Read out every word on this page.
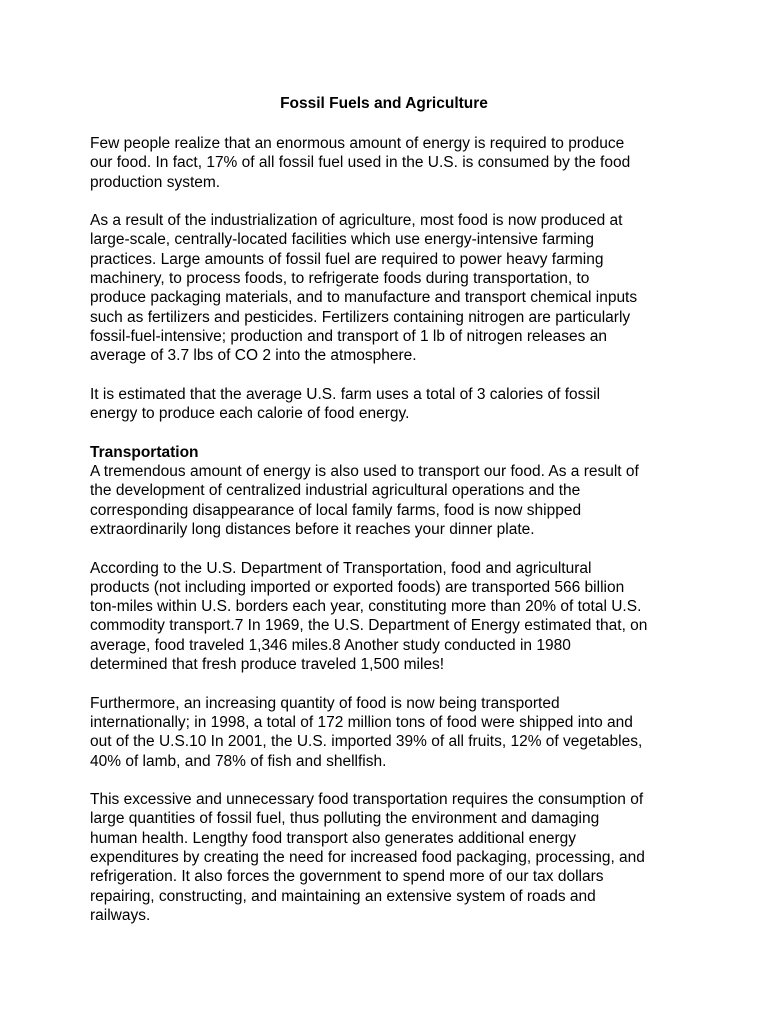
Fossil Fuels and Agriculture

Few people realize that an enormous amount of energy is required to produce
our food. In fact, 17% of all fossil fuel used in the U.S. is consumed by the food
production system.

As a result of the industrialization of agriculture, most food is now produced at
large-scale, centrally-located facilities which use energy-intensive farming
practices. Large amounts of fossil fuel are required to power heavy farming
machinery, to process foods, to refrigerate foods during transportation, to
produce packaging materials, and to manufacture and transport chemical inputs
such as fertilizers and pesticides. Fertilizers containing nitrogen are particularly
fossil-fuel-intensive; production and transport of 1 lb of nitrogen releases an
average of 3.7 lbs of CO 2 into the atmosphere.

It is estimated that the average U.S. farm uses a total of 3 calories of fossil
energy to produce each calorie of food energy.

Transportation

A tremendous amount of energy is also used to transport our food. As a result of
the development of centralized industrial agricultural operations and the
corresponding disappearance of local family farms, food is now shipped
extraordinarily long distances before it reaches your dinner plate.

According to the U.S. Department of Transportation, food and agricultural
products (not including imported or exported foods) are transported 566 billion
ton-miles within U.S. borders each year, constituting more than 20% of total U.S.
commodity transport.7 In 1969, the U.S. Department of Energy estimated that, on
average, food traveled 1,346 miles.8 Another study conducted in 1980
determined that fresh produce traveled 1,500 miles!

Furthermore, an increasing quantity of food is now being transported
internationally; in 1998, a total of 172 million tons of food were shipped into and
out of the U.S.10 In 2001, the U.S. imported 39% of all fruits, 12% of vegetables,
40% of lamb, and 78% of fish and shellfish.

This excessive and unnecessary food transportation requires the consumption of
large quantities of fossil fuel, thus polluting the environment and damaging
human health. Lengthy food transport also generates additional energy
expenditures by creating the need for increased food packaging, processing, and
refrigeration. It also forces the government to spend more of our tax dollars
repairing, constructing, and maintaining an extensive system of roads and
railways.
